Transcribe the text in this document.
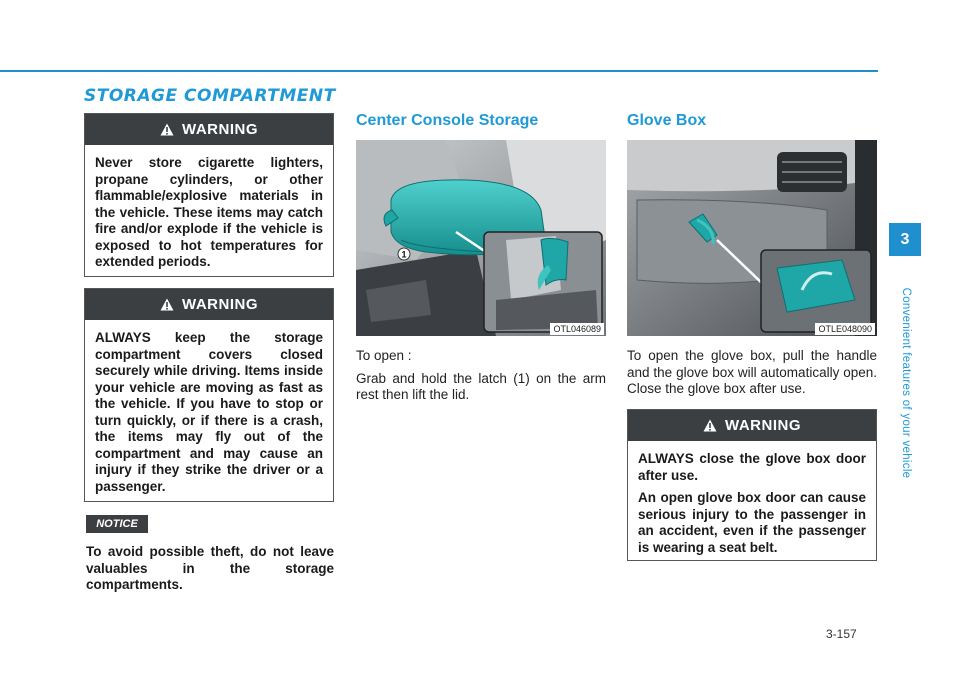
STORAGE COMPARTMENT
WARNING
Never store cigarette lighters, propane cylinders, or other flammable/explosive materials in the vehicle. These items may catch fire and/or explode if the vehicle is exposed to hot temperatures for extended periods.
WARNING
ALWAYS keep the storage compartment covers closed securely while driving. Items inside your vehicle are moving as fast as the vehicle. If you have to stop or turn quickly, or if there is a crash, the items may fly out of the compartment and may cause an injury if they strike the driver or a passenger.
NOTICE
To avoid possible theft, do not leave valuables in the storage compartments.
Center Console Storage
1
OTL046089

To open :

Grab and hold the latch (1) on the arm rest then lift the lid.

Glove Box
OTLE048090
To open the glove box, pull the handle and the glove box will automatically open. Close the glove box after use.
WARNING

ALWAYS close the glove box door after use.

An open glove box door can cause serious injury to the passenger in an accident, even if the passenger is wearing a seat belt.

3
Convenient features of your vehicle
3-157
